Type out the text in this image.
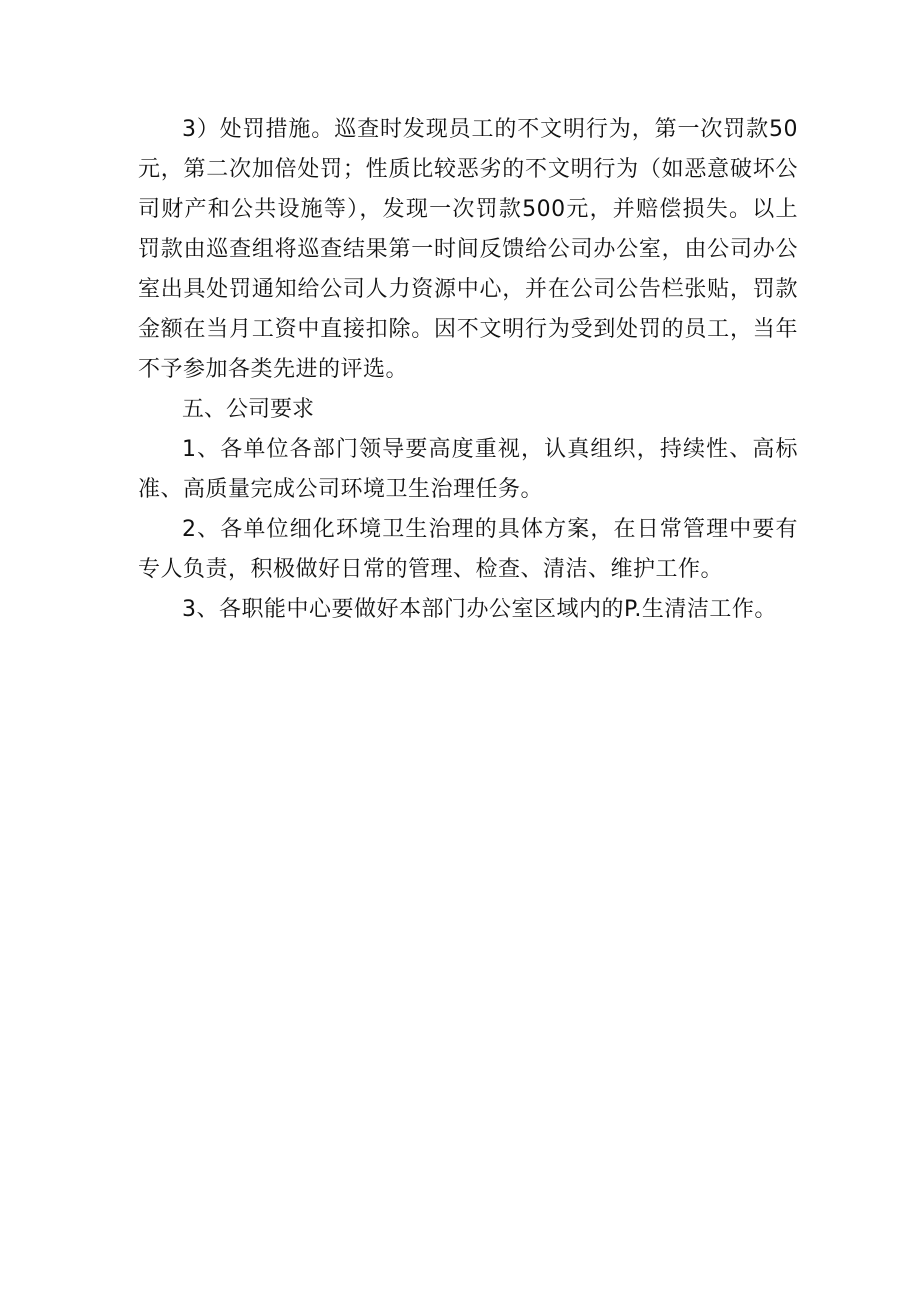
3）处罚措施。巡查时发现员工的不文明行为，第一次罚款50元，第二次加倍处罚；性质比较恶劣的不文明行为（如恶意破坏公司财产和公共设施等），发现一次罚款500元，并赔偿损失。以上罚款由巡查组将巡查结果第一时间反馈给公司办公室，由公司办公室出具处罚通知给公司人力资源中心，并在公司公告栏张贴，罚款金额在当月工资中直接扣除。因不文明行为受到处罚的员工，当年不予参加各类先进的评选。

五、公司要求

1、各单位各部门领导要高度重视，认真组织，持续性、高标准、高质量完成公司环境卫生治理任务。

2、各单位细化环境卫生治理的具体方案，在日常管理中要有专人负责，积极做好日常的管理、检查、清洁、维护工作。

3、各职能中心要做好本部门办公室区域内的P.生清洁工作。
